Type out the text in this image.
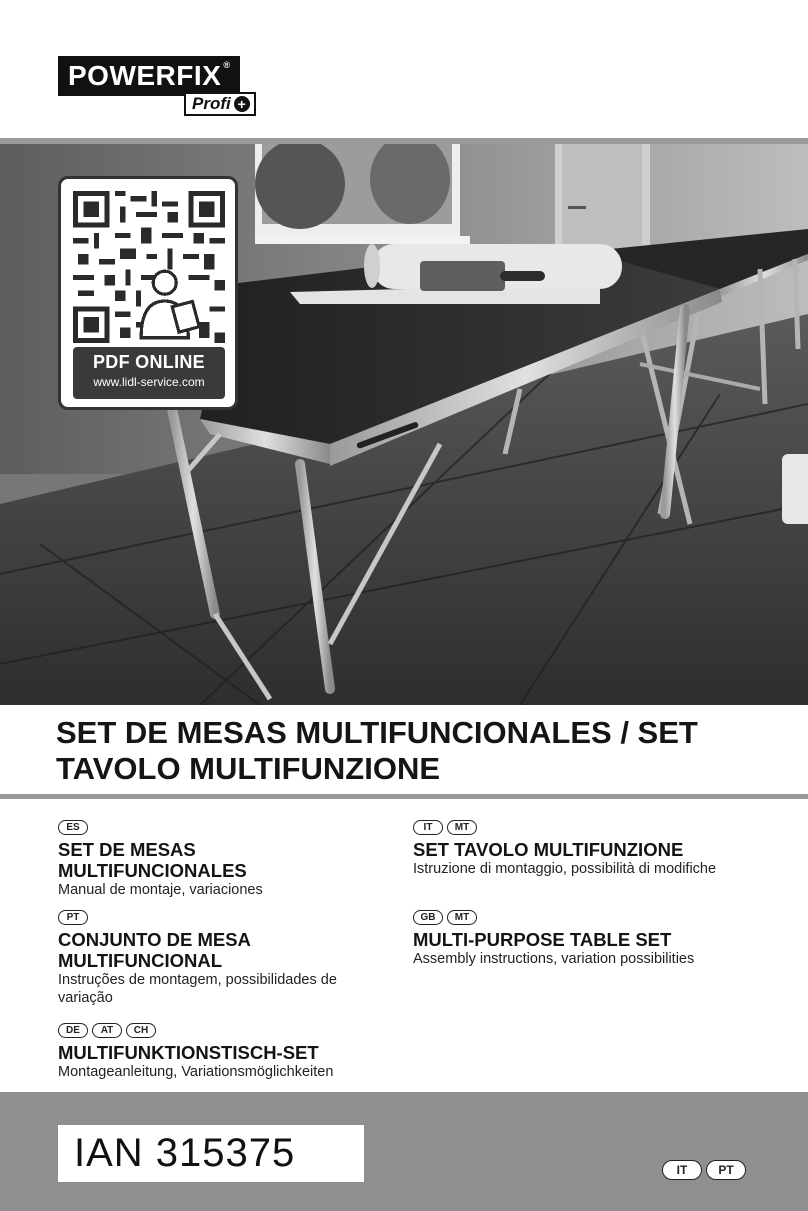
POWERFIX ®
Profi +
PDF ONLINE
www.lidl-service.com
SET DE MESAS MULTIFUNCIONALES / SET TAVOLO MULTIFUNZIONE
ES
SET DE MESAS MULTIFUNCIONALES
Manual de montaje, variaciones
PT
CONJUNTO DE MESA MULTIFUNCIONAL
Instruções de montagem, possibilidades de variação
DE	AT	CH
MULTIFUNKTIONSTISCH-SET
Montageanleitung, Variationsmöglichkeiten
IT	MT
SET TAVOLO MULTIFUNZIONE
Istruzione di montaggio, possibilità di modifiche
GB	MT
MULTI-PURPOSE TABLE SET
Assembly instructions, variation possibilities
IAN 315375	IT	PT
